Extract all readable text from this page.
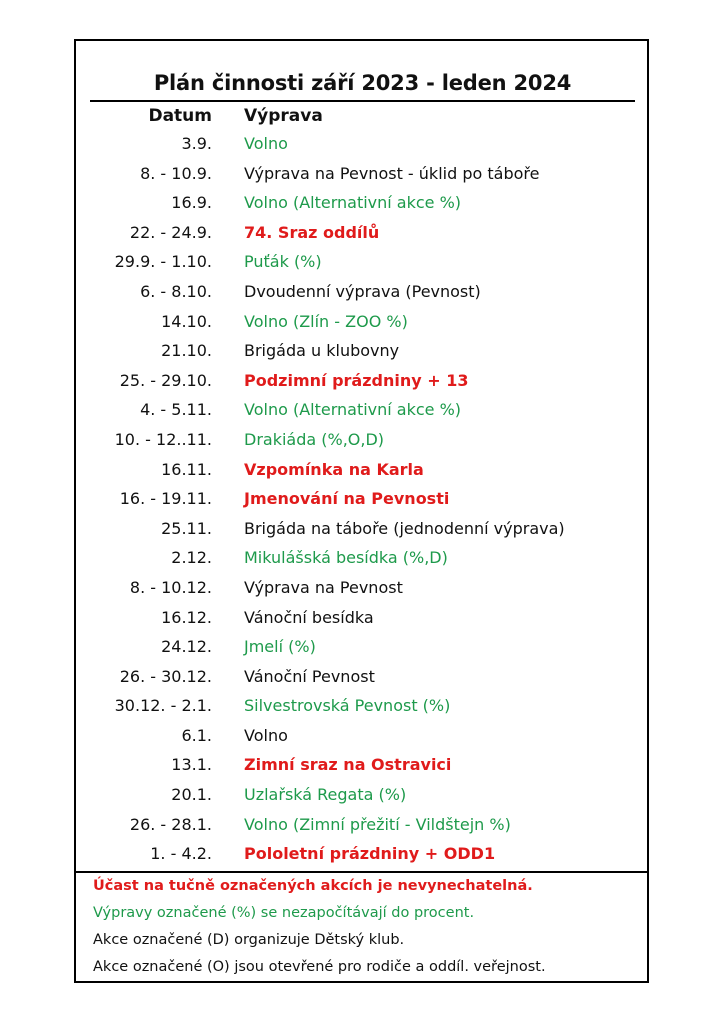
Plán činnosti září 2023 - leden 2024
Datum Výprava
3.9. Volno
8. - 10.9. Výprava na Pevnost - úklid po táboře
16.9. Volno (Alternativní akce %)
22. - 24.9. 74. Sraz oddílů
29.9. - 1.10. Puťák (%)
6. - 8.10. Dvoudenní výprava (Pevnost)
14.10. Volno (Zlín - ZOO %)
21.10. Brigáda u klubovny
25. - 29.10. Podzimní prázdniny + 13
4. - 5.11. Volno (Alternativní akce %)
10. - 12..11. Drakiáda (%,O,D)
16.11. Vzpomínka na Karla
16. - 19.11. Jmenování na Pevnosti
25.11. Brigáda na táboře (jednodenní výprava)
2.12. Mikulášská besídka (%,D)
8. - 10.12. Výprava na Pevnost
16.12. Vánoční besídka
24.12. Jmelí (%)
26. - 30.12. Vánoční Pevnost
30.12. - 2.1. Silvestrovská Pevnost (%)
6.1. Volno
13.1. Zimní sraz na Ostravici
20.1. Uzlařská Regata (%)
26. - 28.1. Volno (Zimní přežití - Vildštejn %)
1. - 4.2. Pololetní prázdniny + ODD1
Účast na tučně označených akcích je nevynechatelná.
Výpravy označené (%) se nezapočítávají do procent.
Akce označené (D) organizuje Dětský klub.
Akce označené (O) jsou otevřené pro rodiče a oddíl. veřejnost.
